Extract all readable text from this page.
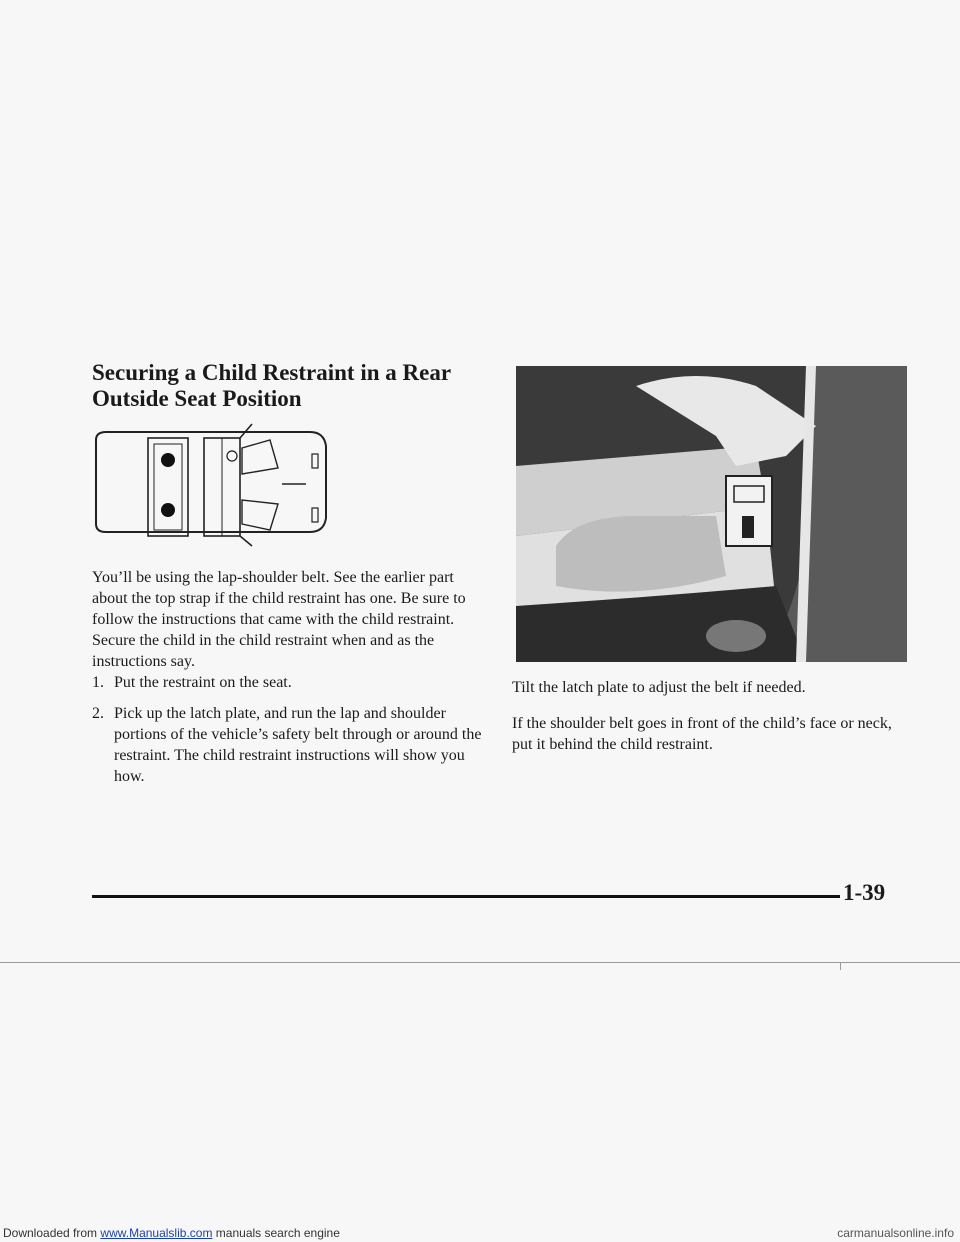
Securing a Child Restraint in a Rear Outside Seat Position

You’ll be using the lap-shoulder belt. See the earlier part about the top strap if the child restraint has one. Be sure to follow the instructions that came with the child restraint. Secure the child in the child restraint when and as the instructions say.

1. Put the restraint on the seat.
2. Pick up the latch plate, and run the lap and shoulder portions of the vehicle’s safety belt through or around the restraint. The child restraint instructions will show you how.

Tilt the latch plate to adjust the belt if needed.

If the shoulder belt goes in front of the child’s face or neck, put it behind the child restraint.

1-39

Downloaded from www.Manualslib.com manuals search engine	carmanualsonline.info
